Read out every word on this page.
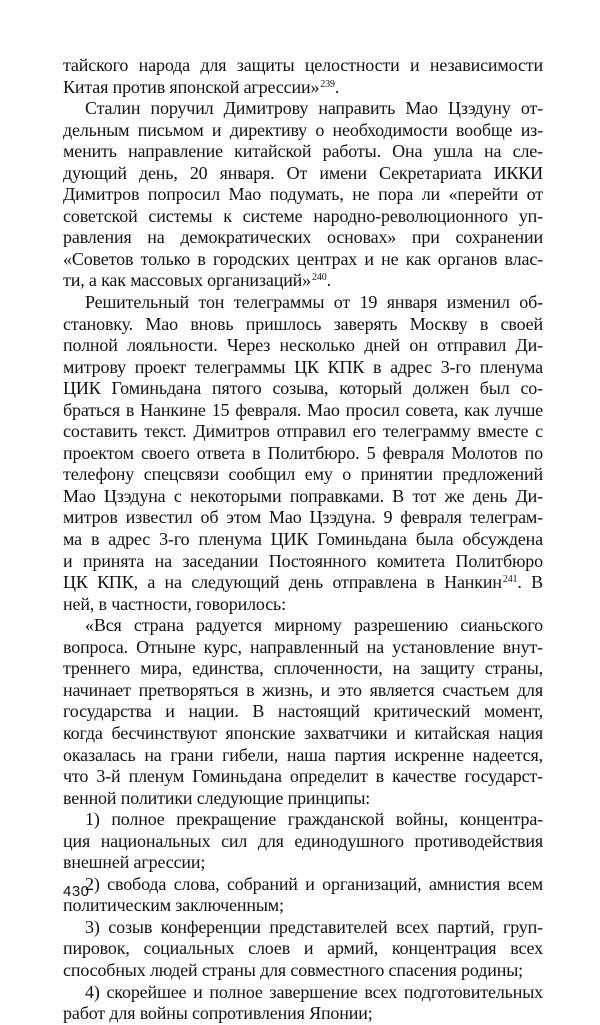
тайского народа для защиты целостности и независимости
Китая против японской агрессии»$^{239}$.
Сталин поручил Димитрову направить Мао Цзэдуну от-
дельным письмом и директиву о необходимости вообще из-
менить направление китайской работы. Она ушла на сле-
дующий день, 20 января. От имени Секретариата ИККИ
Димитров попросил Мао подумать, не пора ли «перейти от
советской системы к системе народно-революционного уп-
равления на демократических основах» при сохранении
«Советов только в городских центрах и не как органов влас-
ти, а как массовых организаций»$^{240}$.
Решительный тон телеграммы от 19 января изменил об-
становку. Мао вновь пришлось заверять Москву в своей
полной лояльности. Через несколько дней он отправил Ди-
митрову проект телеграммы ЦК КПК в адрес 3-го пленума
ЦИК Гоминьдана пятого созыва, который должен был со-
браться в Нанкине 15 февраля. Мао просил совета, как лучше
составить текст. Димитров отправил его телеграмму вместе с
проектом своего ответа в Политбюро. 5 февраля Молотов по
телефону спецсвязи сообщил ему о принятии предложений
Мао Цзэдуна с некоторыми поправками. В тот же день Ди-
митров известил об этом Мао Цзэдуна. 9 февраля телеграм-
ма в адрес 3-го пленума ЦИК Гоминьдана была обсуждена
и принята на заседании Постоянного комитета Политбюро
ЦК КПК, а на следующий день отправлена в Нанкин$^{241}$. В
ней, в частности, говорилось:
«Вся страна радуется мирному разрешению сианьского
вопроса. Отныне курс, направленный на установление внут-
треннего мира, единства, сплоченности, на защиту страны,
начинает претворяться в жизнь, и это является счастьем для
государства и нации. В настоящий критический момент,
когда бесчинствуют японские захватчики и китайская нация
оказалась на грани гибели, наша партия искренне надеется,
что 3-й пленум Гоминьдана определит в качестве государст-
венной политики следующие принципы:
1) полное прекращение гражданской войны, концентра-
ция национальных сил для единодушного противодействия
внешней агрессии;
2) свобода слова, собраний и организаций, амнистия всем
политическим заключенным;
3) созыв конференции представителей всех партий, груп-
пировок, социальных слоев и армий, концентрация всех
способных людей страны для совместного спасения родины;
4) скорейшее и полное завершение всех подготовительных
работ для войны сопротивления Японии;
430
